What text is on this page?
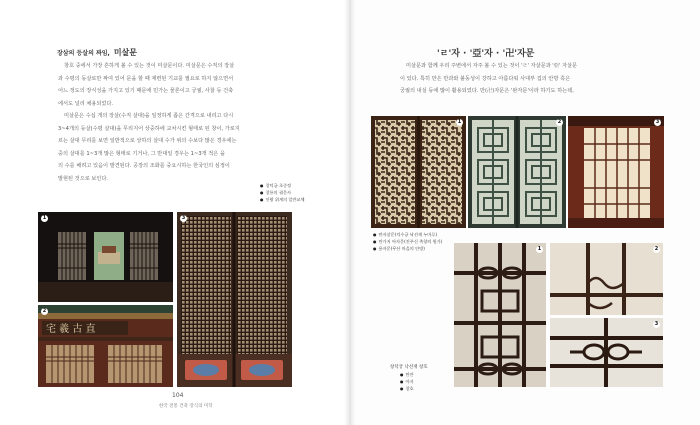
장삼의 등살의 짜임, 미살문
창호 중에서 가장 흔하게 볼 수 있는 것이 미살문이다. 미살문은 수직의 장살
과 수평의 동살로만 짜여 있어 문을 할 때 재련된 기교를 필요로 하지 않으면서
어느 정도의 장식성을 가지고 있기 때문에 민가는 물론이고 궁궐, 사찰 등 건축
에서도 널리 채용되었다.
미살문은 수십 개의 장살(수직 살대)을 일정하게 좁은 간격으로 내리고 다시
3~4개의 등살(수평 살대)을 무리지어 상중하에 교차시킨 형태로 된 창이, 가로지
르는 살대 무리를 보면 일반적으로 상하의 살대 수가 위의 수보다 많은 경우에는
중의 살대를 1~3개 많은 형태로 기거나, 그 반대일 경우는 1~3개 적은 을
의 수를 배려고 있음이 발견된다. 공장의 조화를 중요시하는 한국인의 심정이
발현된 것으로 보인다.
● 창덕궁 초중정
● 창룡의 궐문사
● 인왕 위계의 일반교체
1
2
宅 羲 古 直
3
104
한국 전통 건축 장식의 미학
'ㄹ'자 · '亞'자 · '卍'자문
미살문과 함께 우리 주변에서 자주 볼 수 있는 것이 'ㄹ' 자살문과 '亞' 자살문
이 있다. 특히 만은 만과와 불동성이 강하고 아름다워 사대부 집의 안방 혹은
궁궐의 내실 등에 많이 활용되었다. 만(卍)자문은 '완자문'이라 하기도 하는데,
1	2	3
● 만자살문(덕수궁 낙선재 누마루)
● 만가지 아자문(진주신 촉향의 원가)
● 용자문(무산 마을의 안방)	1	2
3
창덕궁 낙선재 창호
● 만잔
● 아자
● 창호
